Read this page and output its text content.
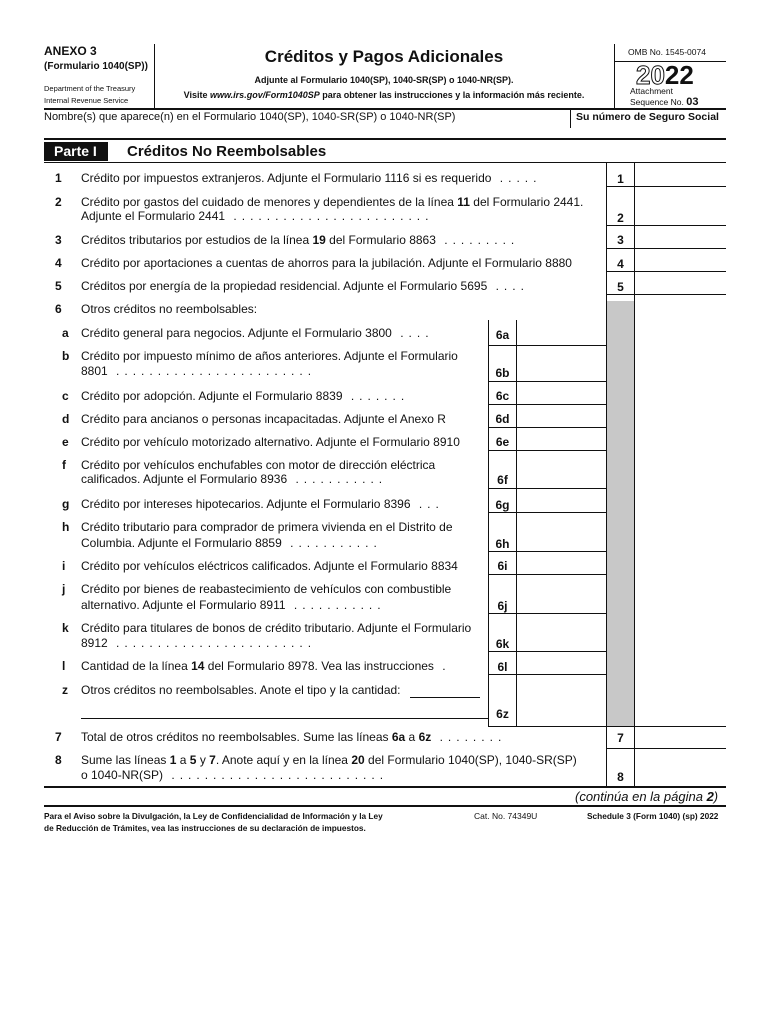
ANEXO 3
(Formulario 1040(SP))
Department of the Treasury
Internal Revenue Service
Créditos y Pagos Adicionales
Adjunte al Formulario 1040(SP), 1040-SR(SP) o 1040-NR(SP).
Visite www.irs.gov/Form1040SP para obtener las instrucciones y la información más reciente.
OMB No. 1545-0074
2022
Attachment
Sequence No. 03
Nombre(s) que aparece(n) en el Formulario 1040(SP), 1040-SR(SP) o 1040-NR(SP)	Su número de Seguro Social
Parte I	Créditos No Reembolsables
1 Crédito por impuestos extranjeros. Adjunte el Formulario 1116 si es requerido .....	1
2 Crédito por gastos del cuidado de menores y dependientes de la línea 11 del Formulario 2441.
Adjunte el Formulario 2441 ........................	2
3 Créditos tributarios por estudios de la línea 19 del Formulario 8863 .........	3
4 Crédito por aportaciones a cuentas de ahorros para la jubilación. Adjunte el Formulario 8880	4
5 Créditos por energía de la propiedad residencial. Adjunte el Formulario 5695 ....	5
6 Otros créditos no reembolsables:
a Crédito general para negocios. Adjunte el Formulario 3800 ....	6a
b Crédito por impuesto mínimo de años anteriores. Adjunte el Formulario
8801 ........................	6b
c Crédito por adopción. Adjunte el Formulario 8839 .......	6c
d Crédito para ancianos o personas incapacitadas. Adjunte el Anexo R	6d
e Crédito por vehículo motorizado alternativo. Adjunte el Formulario 8910	6e
f Crédito por vehículos enchufables con motor de dirección eléctrica
calificados. Adjunte el Formulario 8936 ...........	6f
g Crédito por intereses hipotecarios. Adjunte el Formulario 8396 ...	6g
h Crédito tributario para comprador de primera vivienda en el Distrito de
Columbia. Adjunte el Formulario 8859 ...........	6h
i Crédito por vehículos eléctricos calificados. Adjunte el Formulario 8834	6i
j Crédito por bienes de reabastecimiento de vehículos con combustible
alternativo. Adjunte el Formulario 8911 ...........	6j
k Crédito para titulares de bonos de crédito tributario. Adjunte el Formulario
8912 ........................	6k
l Cantidad de la línea 14 del Formulario 8978. Vea las instrucciones .	6l
z Otros créditos no reembolsables. Anote el tipo y la cantidad:
6z
7 Total de otros créditos no reembolsables. Sume las líneas 6a a 6z ........	7
8 Sume las líneas 1 a 5 y 7. Anote aquí y en la línea 20 del Formulario 1040(SP), 1040-SR(SP)
o 1040-NR(SP) ..........................	8
(continúa en la página 2)
Para el Aviso sobre la Divulgación, la Ley de Confidencialidad de Información y la Ley
de Reducción de Trámites, vea las instrucciones de su declaración de impuestos.
Cat. No. 74349U	Schedule 3 (Form 1040) (sp) 2022
